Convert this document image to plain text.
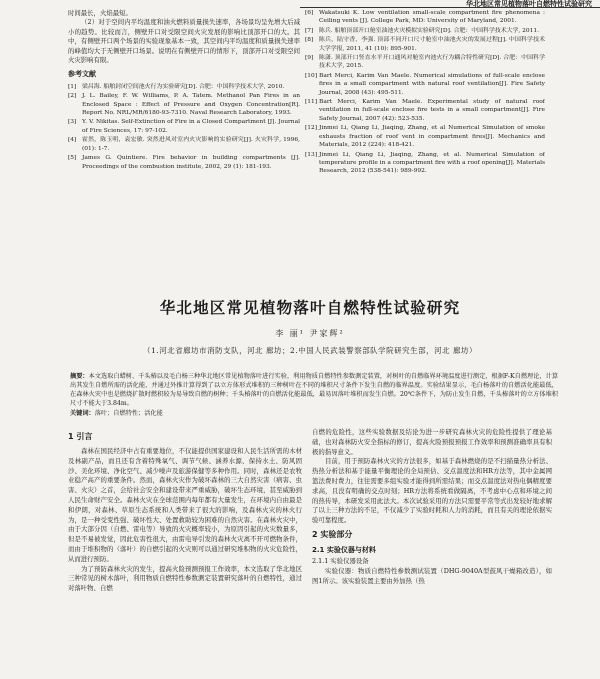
华北地区常见植物落叶自燃特性试验研究

时间最长，火焰最短。

（2）对于空间内平均温度和油火燃料质量损失速率，各场景均呈先增大后减小的趋势。比较而言，侧壁开口对受限空间火灾发展的影响比顶部开口的大。其中，有侧壁开口两个场景的实验现象基本一致，其空间内平均温度和质量损失速率的峰值均大于无侧壁开口场景。说明在有侧壁开口的情形下，顶部开口对受限空间火灾影响有限。

参考文献
[1] 梁昌海. 船舶封闭空间池火行为实验研究[D]. 合肥：中国科学技术大学, 2010.
[2] J. L. Bailey, F. W. Williams, P. A. Tatem. Methanol Pan Fires in an Enclosed Space : Effect of Pressure and Oxygen Concentration[R]. Report No. NRL/MR/6180-93-7310. Naval Research Laboratory, 1993.
[3] Y. V. Nikitas. Self-Extinction of Fire in a Closed Compartment [J]. Journal of Fire Sciences, 17: 97-102.
[4] 霍然，陈玉明，袁宏敏. 突然进风对室内火灾影响的实验研究[J]. 火灾科学, 1996, (01): 1-7.
[5] James G. Quintiere. Fire behavior in building compartments [J]. Proceedings of the combustion institute, 2002, 29 (1): 181-193.
[6] Wakatsuki K. Low ventilation small-scale compartment fire phenomena : Ceiling vents [J]. College Park, MD: University of Maryland, 2001.
[7] 陈兵. 船舶顶部开口舱室油池火灾模拟实验研究[D]. 合肥：中国科学技术大学, 2011.
[8] 陈兵，陆守香，李强. 顶部不同开口尺寸舱室中油池火灾的发展过程[J]. 中国科学技术大学学报, 2011, 41 (10): 895-901.
[9] 陈潇. 顶部开口竖直水平开口通风对舱室内池火行为耦合特性研究[D]. 合肥：中国科学技术大学, 2015.
[10] Bart Merci, Karim Van Maele. Numerical simulations of full-scale enclose fires in a small compartment with natural roof ventilation[J]. Fire Safety Journal, 2008 (43): 495-511.
[11] Bart Merci, Karim Van Maele. Experimental study of natural roof ventilation in full-scale enclose fire tests in a small compartment[J]. Fire Safety Journal, 2007 (42): 523-535.
[12] Jinmei Li, Qiang Li, Jiaqing, Zhang, et al Numerical Simulation of smoke exhausts fraction of roof vent in compartment fires[J]. Mechanics and Materials, 2012 (224): 418-421.
[13] Jinmei Li, Qiang Li, Jiaqing, Zhang, et al. Numerical Simulation of temperature profile in a compartment fire with a roof opening[J]. Materials Research, 2012 (538-541): 989-992.
华北地区常见植物落叶自燃特性试验研究
李 丽¹ 尹家辉²
（1.河北省廊坊市消防支队，河北 廊坊；2.中国人民武装警察部队学院研究生部，河北 廊坊）

摘要：本文选取白蜡树、千头椿以及毛白杨三种华北地区常见植物落叶进行实验，利用物质自燃特性参数测定装置，对树叶的自燃临界环境温度进行测定，根据F-K自燃理论，计算出其发生自燃所需的活化能，并通过外推计算得到了以立方体形式堆积的三种树叶在不同的堆积尺寸条件下发生自燃的临界温度。实验结果显示，毛白杨落叶的自燃活化能最低，在森林火灾中也是燃烧扩散时燃积较为易导致自燃的树种；千头椿落叶的自燃活化能最低，最易因落叶堆积而发生自燃。20℃条件下，为防止发生自燃，千头椿落叶的立方体堆积尺寸不能大于3.84m。

关键词：落叶；自燃特性；活化能

1 引言

森林在国民经济中占有重要地位，不仅能提供国家建设和人民生活所需的木材及林副产品，而且还有含着特殊氧气、调节气候、涵养水源、保持水土、防风固沙、美化环境、净化空气、减少噪声及旅游保健等多种作用。同时，森林还是农牧业稳产高产的重要条件。然而，森林火灾作为破坏森林的三大自然灾害（病害、虫害、火灾）之首，会给社会安全和建设带来严重威胁，破坏生态环境，甚至威胁到人民生命财产安全。森林火灾在全球范围内每年都有大量发生，在环境内自由最是和伊朗，对森林、草原生态系统和人类带来了很大的影响，及森林火灾的林火行为，是一种受变性强、破坏性大、处置救助较为困难的自然灾害。在森林火灾中，由于大部分因（自燃、雷电等）导致的火灾概率较小，为原因引起的火灾数量多，但是不易被发觉，因此危害性很大，由雷电导引发的森林火灾离不开可燃物条件，而由于堆积物的（落叶）的自燃引起的火灾则可以通过研究堆积物的火灾危险性，从而进行预防。

为了预防森林火灾的发生，提高火险预测预报工作效率，本文选取了华北地区三种常见的树木落叶，利用物质自燃特性参数测定装置研究落叶的自燃特性，通过对落叶物、自燃

自燃的危险性，这些实验数据及结论为进一步研究森林火灾的危险性提供了理论基础，也对森林防火安全指标的修订，提高火险预报预报工作效率和预测准确率具有积极的指导意义。

目前，用于预防森林火灾的方法很多，如基于森林燃烧的是不扫描量热分析法、热热分析法和基于能量平衡理论的全局预估、交点温度法和HR方法等，其中金属网篮法费时费力，往往需要多组实验才能得到所需结果；而交点温度法对热电偶精度要求高，且没有明确的交点时刻；HR方法将系统看做隔离，不考虑中心点和环境之间的热传导，本研发采用此法大。本次试验采用的方法只需要平常等式出发较好地求解了以上三种方法的不足，不仅减少了实验时耗和人力的消耗，而且有关的理论依据实验可靠程度。

2 实验部分
2.1 实验仪器与材料
2.1.1 实验仪器设备

实验仪器：物质自燃特性参数测试装置（DHG-9040A型鼓风干燥箱改造），如图1所示。该实验装置主要由外加热（热
